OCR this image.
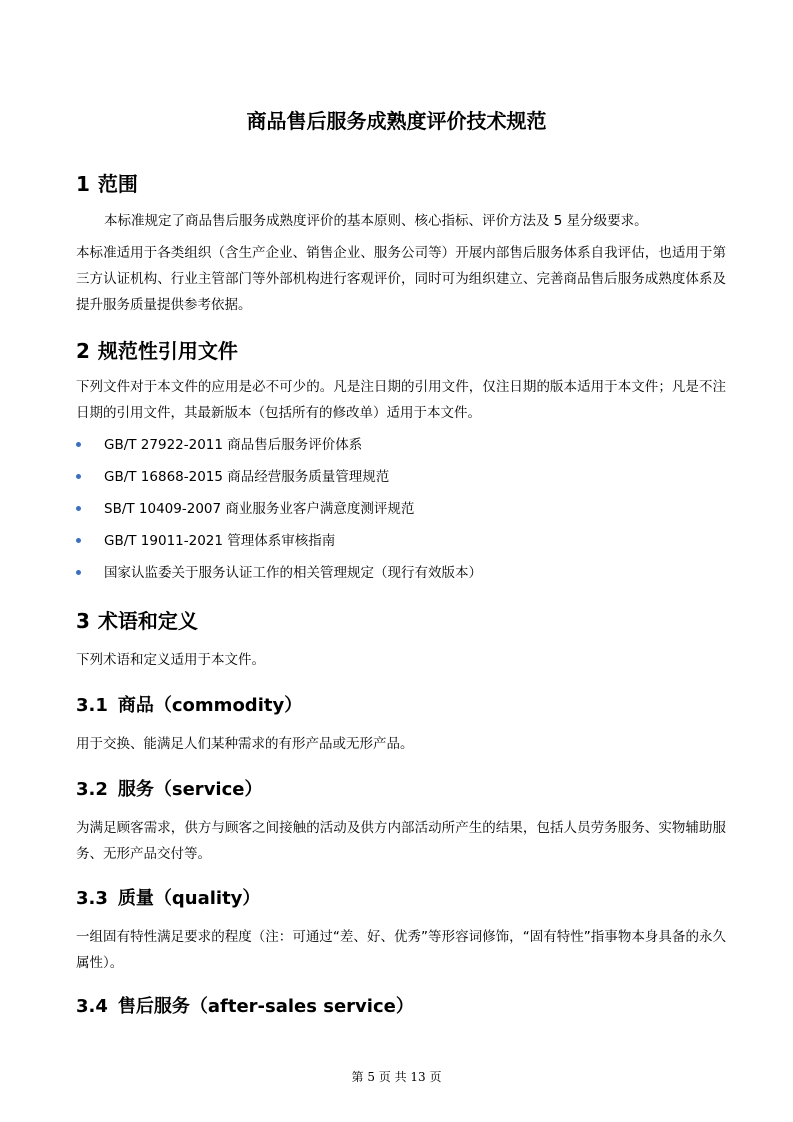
商品售后服务成熟度评价技术规范
1 范围
本标准规定了商品售后服务成熟度评价的基本原则、核心指标、评价方法及 5 星分级要求。
本标准适用于各类组织（含生产企业、销售企业、服务公司等）开展内部售后服务体系自我评估，也适用于第三方认证机构、行业主管部门等外部机构进行客观评价，同时可为组织建立、完善商品售后服务成熟度体系及提升服务质量提供参考依据。
2 规范性引用文件
下列文件对于本文件的应用是必不可少的。凡是注日期的引用文件，仅注日期的版本适用于本文件；凡是不注日期的引用文件，其最新版本（包括所有的修改单）适用于本文件。
GB/T 27922-2011 商品售后服务评价体系
GB/T 16868-2015 商品经营服务质量管理规范
SB/T 10409-2007 商业服务业客户满意度测评规范
GB/T 19011-2021 管理体系审核指南
国家认监委关于服务认证工作的相关管理规定（现行有效版本）
3 术语和定义
下列术语和定义适用于本文件。
3.1 商品（commodity）
用于交换、能满足人们某种需求的有形产品或无形产品。
3.2 服务（service）
为满足顾客需求，供方与顾客之间接触的活动及供方内部活动所产生的结果，包括人员劳务服务、实物辅助服务、无形产品交付等。
3.3 质量（quality）
一组固有特性满足要求的程度（注：可通过“差、好、优秀”等形容词修饰，“固有特性”指事物本身具备的永久属性）。
3.4 售后服务（after-sales service）
第 5 页 共 13 页
